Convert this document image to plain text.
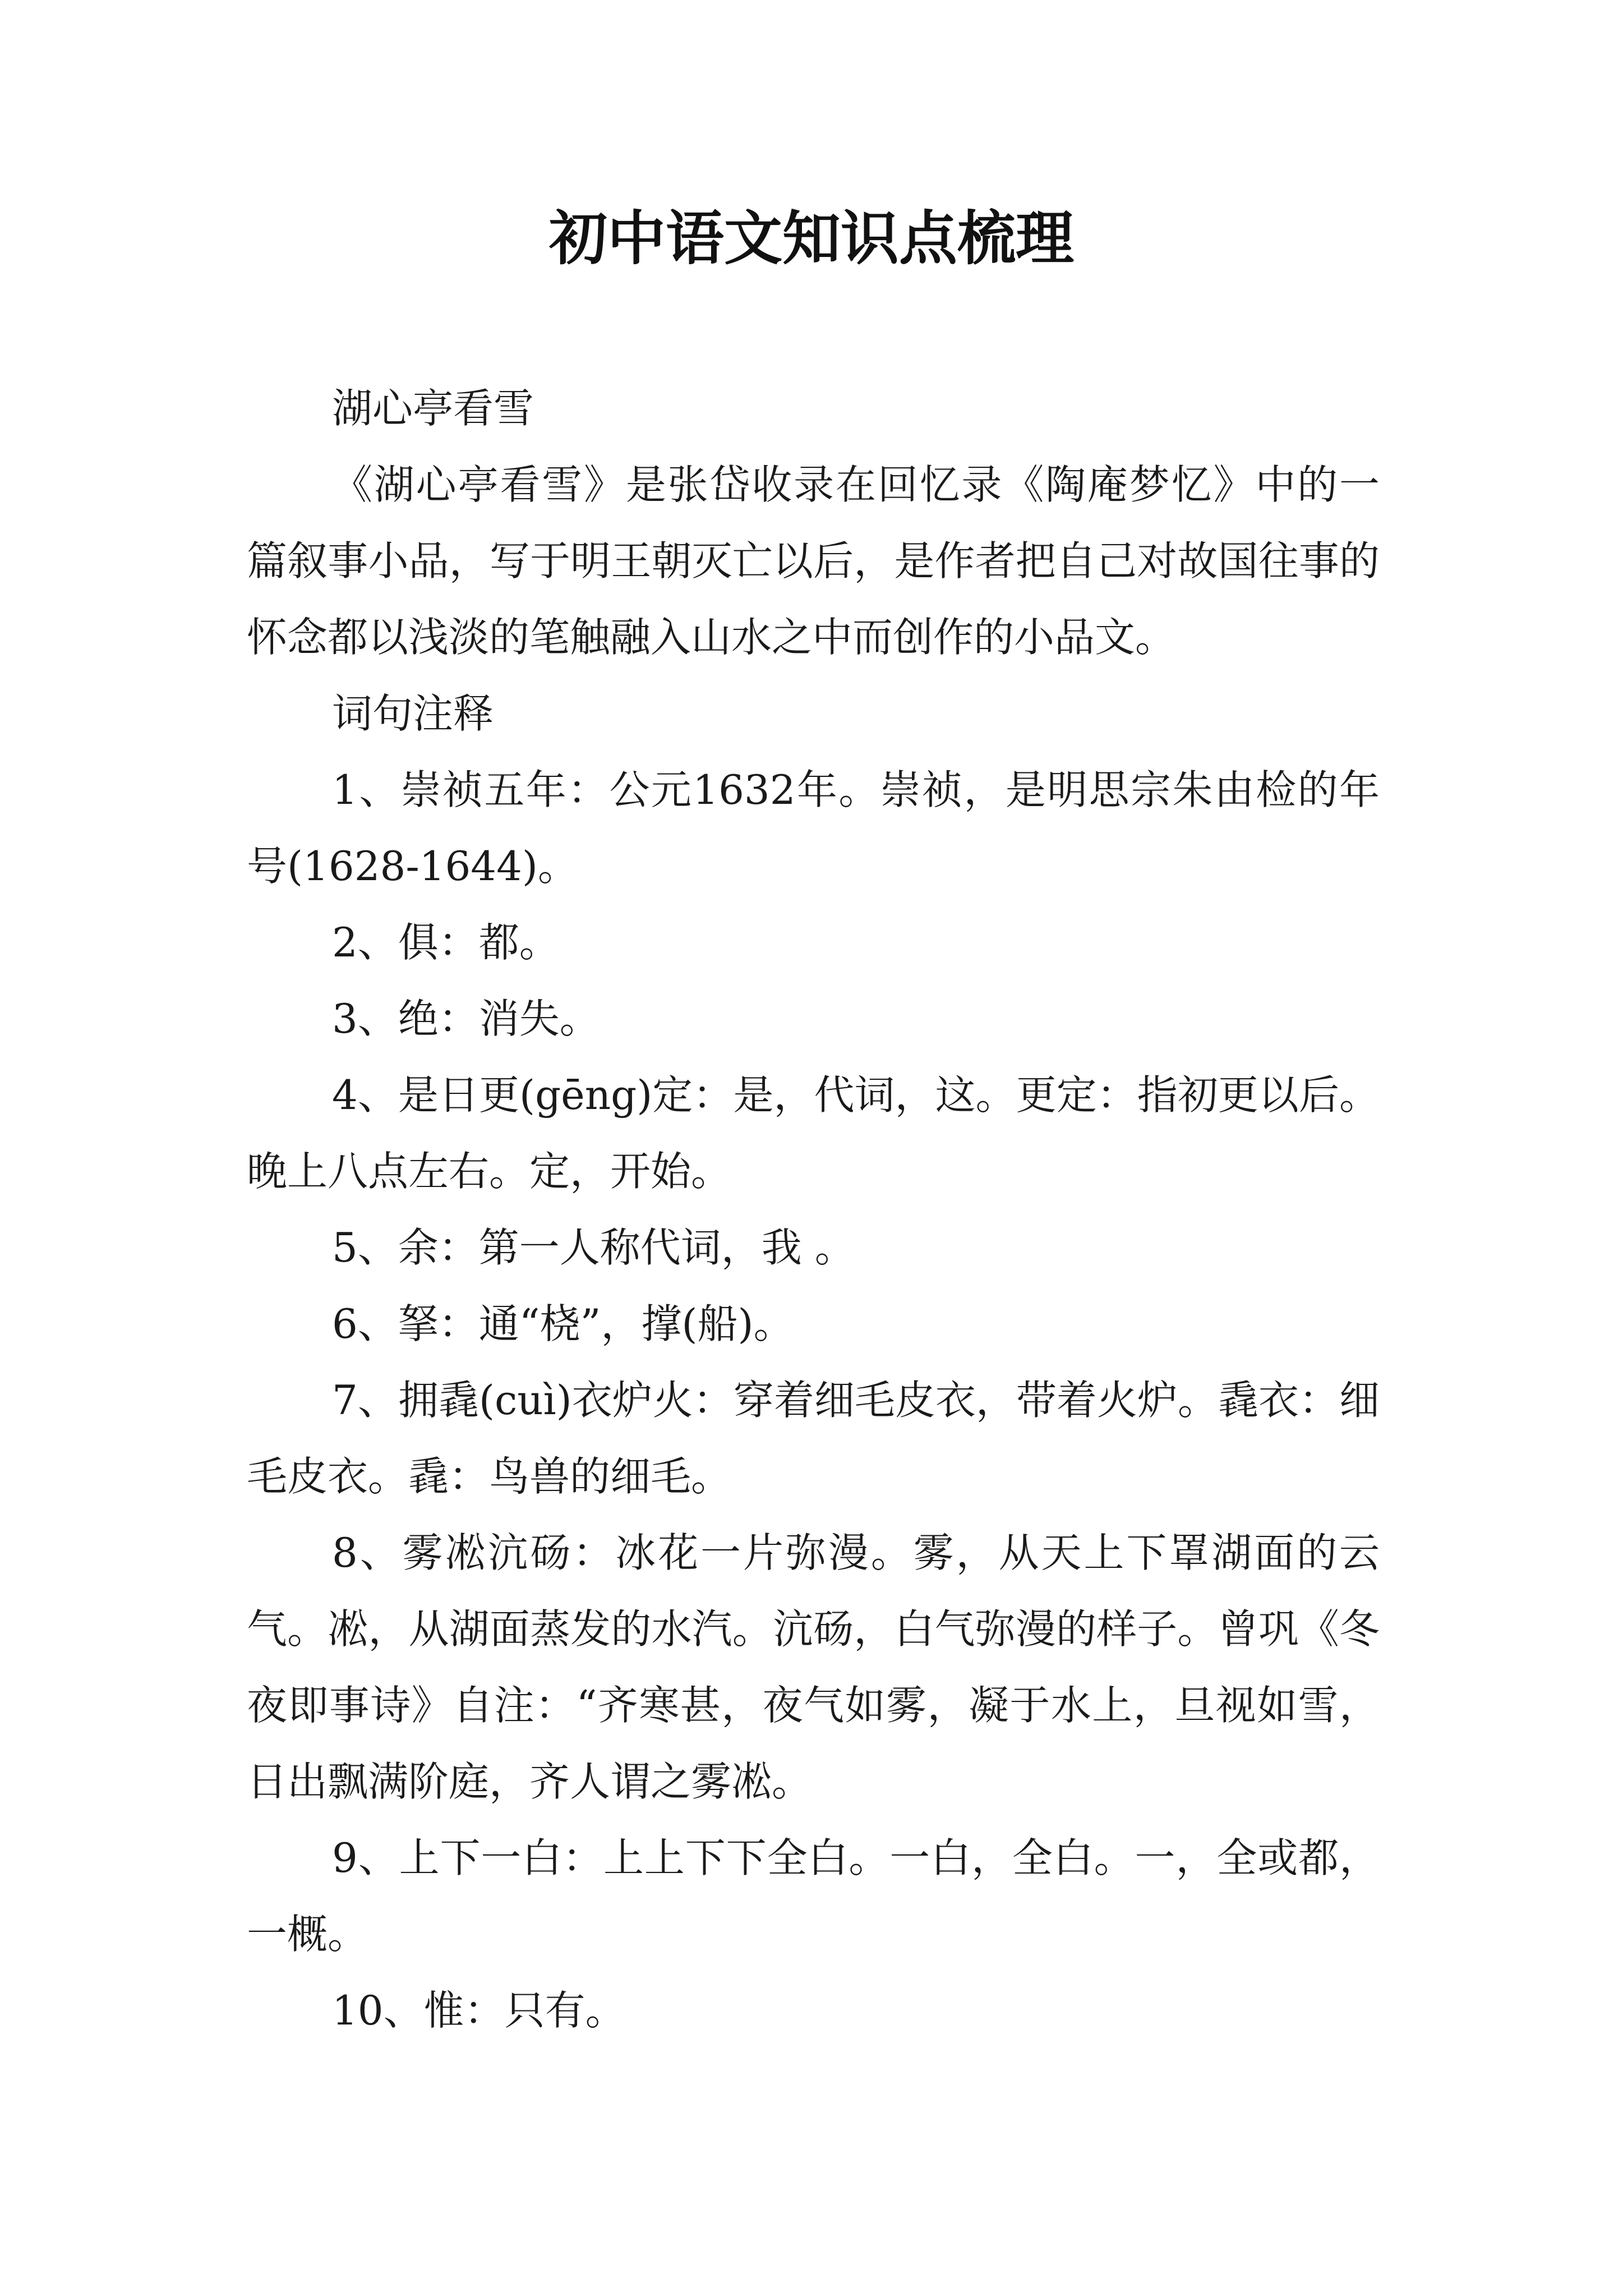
初中语文知识点梳理

湖心亭看雪

《湖心亭看雪》是张岱收录在回忆录《陶庵梦忆》中的一篇叙事小品，写于明王朝灭亡以后，是作者把自己对故国往事的怀念都以浅淡的笔触融入山水之中而创作的小品文。

词句注释

1、崇祯五年：公元1632年。崇祯，是明思宗朱由检的年号(1628-1644)。

2、俱：都。

3、绝：消失。

4、是日更(gēng)定：是，代词，这。更定：指初更以后。晚上八点左右。定，开始。

5、余：第一人称代词，我 。

6、拏：通“桡”，撑(船)。

7、拥毳(cuì)衣炉火：穿着细毛皮衣，带着火炉。毳衣：细毛皮衣。毳：鸟兽的细毛。

8、雾凇沆砀：冰花一片弥漫。雾，从天上下罩湖面的云气。凇，从湖面蒸发的水汽。沆砀，白气弥漫的样子。曾巩《冬夜即事诗》自注：“齐寒甚，夜气如雾，凝于水上，旦视如雪，日出飘满阶庭，齐人谓之雾凇。

9、上下一白：上上下下全白。一白，全白。一，全或都，一概。

10、惟：只有。
